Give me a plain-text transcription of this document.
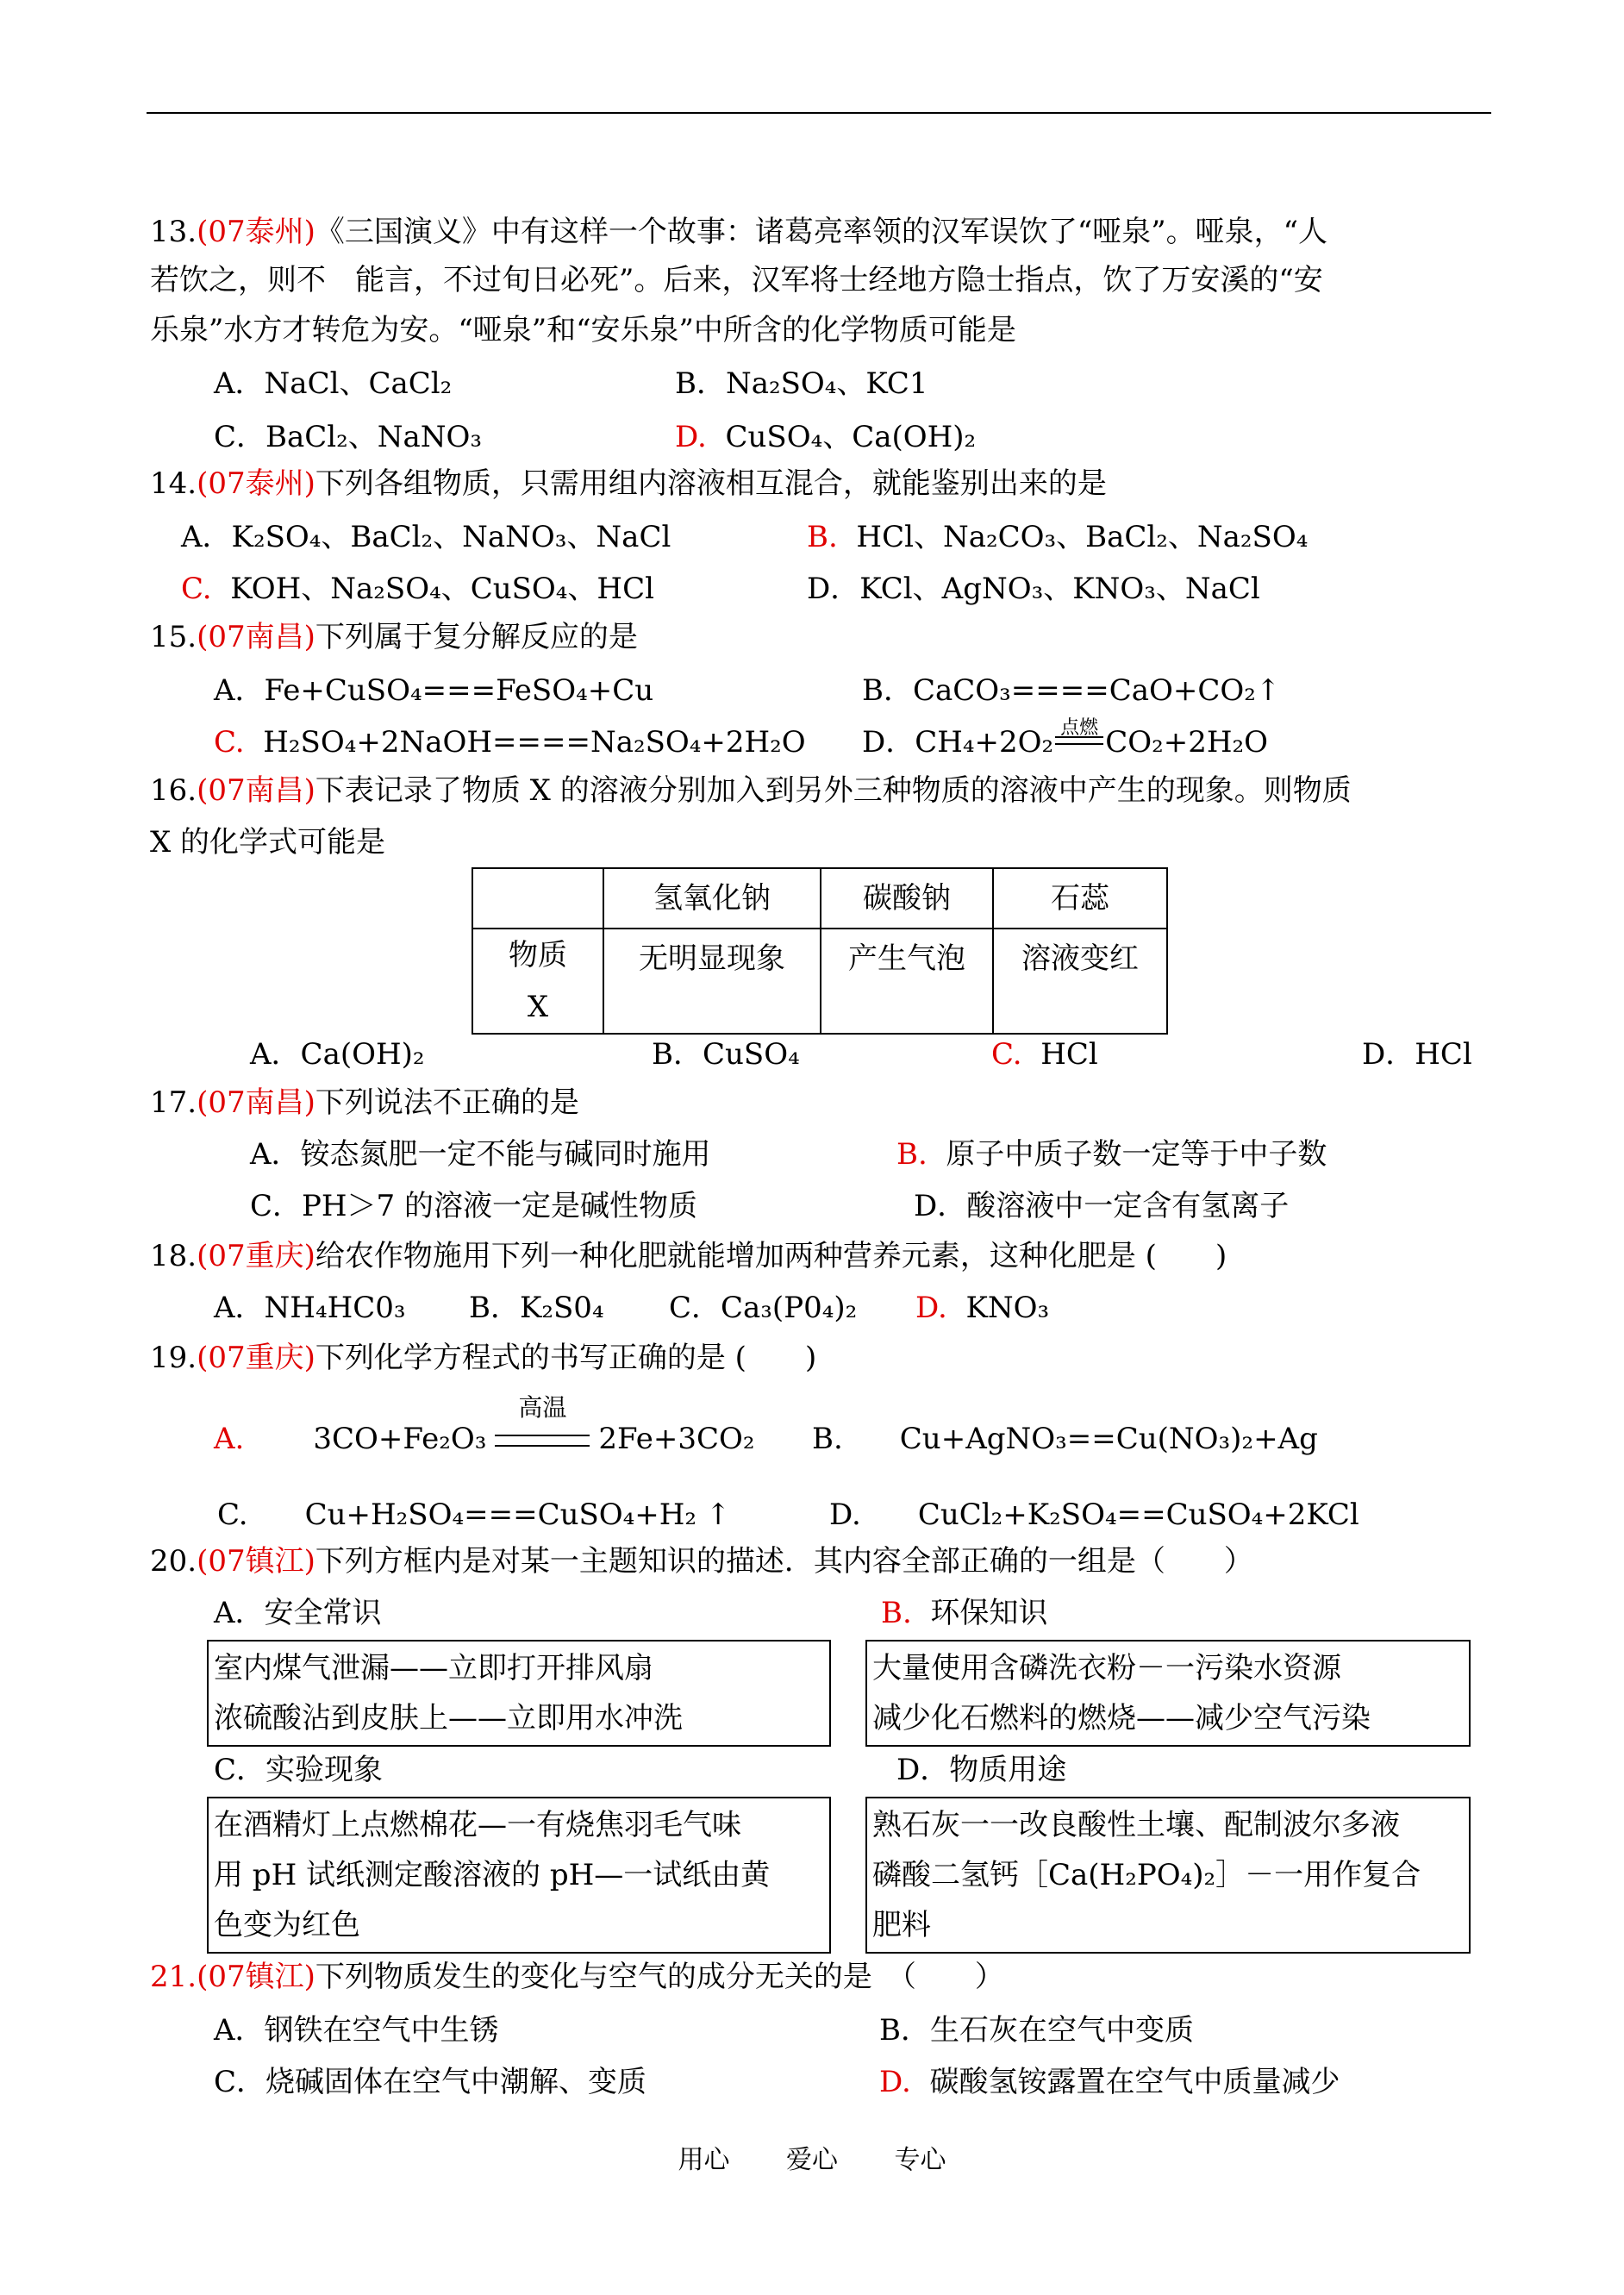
13.(07泰州)《三国演义》中有这样一个故事：诸葛亮率领的汉军误饮了“哑泉”。哑泉，“人
若饮之，则不　能言，不过旬日必死”。后来，汉军将士经地方隐士指点，饮了万安溪的“安
乐泉”水方才转危为安。“哑泉”和“安乐泉”中所含的化学物质可能是
A．NaCl、CaCl₂	B．Na₂SO₄、KC1
C．BaCl₂、NaNO₃	D. CuSO₄、Ca(OH)₂
14.(07泰州)下列各组物质，只需用组内溶液相互混合，就能鉴别出来的是
A．K₂SO₄、BaCl₂、NaNO₃、NaCl	B. HCl、Na₂CO₃、BaCl₂、Na₂SO₄
C. KOH、Na₂SO₄、CuSO₄、HCl	D．KCl、AgNO₃、KNO₃、NaCl
15.(07南昌)下列属于复分解反应的是
A．Fe+CuSO₄===FeSO₄+Cu	B．CaCO₃====CaO+CO₂↑
C. H₂SO₄+2NaOH====Na₂SO₄+2H₂O D．CH₄+2O₂ 点燃 CO₂+2H₂O
16.(07南昌)下表记录了物质 X 的溶液分别加入到另外三种物质的溶液中产生的现象。则物质
X 的化学式可能是
	氢氧化钠	碳酸钠	石蕊
物质X	无明显现象	产生气泡	溶液变红
A．Ca(OH)₂	B．CuSO₄	C. HCl	D．HCl
17.(07南昌)下列说法不正确的是
A．铵态氮肥一定不能与碱同时施用	B. 原子中质子数一定等于中子数
C．PH＞7 的溶液一定是碱性物质	D．酸溶液中一定含有氢离子
18.(07重庆)给农作物施用下列一种化肥就能增加两种营养元素，这种化肥是 (　　)
A．NH₄HC0₃ B．K₂S0₄ C．Ca₃(P0₄)₂ D. KNO₃
19.(07重庆)下列化学方程式的书写正确的是 (　　)
A. 3CO+Fe₂O₃
高温
2Fe+3CO₂ B. Cu+AgNO₃==Cu(NO₃)₂+Ag
C. Cu+H₂SO₄===CuSO₄+H₂ ↑	D. CuCl₂+K₂SO₄==CuSO₄+2KCl
20.(07镇江)下列方框内是对某一主题知识的描述．其内容全部正确的一组是（　　）
A．安全常识	B. 环保知识
室内煤气泄漏——立即打开排风扇
浓硫酸沾到皮肤上——立即用水冲洗
大量使用含磷洗衣粉－一污染水资源
减少化石燃料的燃烧——减少空气污染
C．实验现象	D．物质用途
在酒精灯上点燃棉花—一有烧焦羽毛气味
用 pH 试纸测定酸溶液的 pH—一试纸由黄
色变为红色
熟石灰一一改良酸性土壤、配制波尔多液
磷酸二氢钙［Ca(H₂PO₄)₂］－一用作复合
肥料
21.(07镇江)下列物质发生的变化与空气的成分无关的是　（　　）
A．钢铁在空气中生锈	B．生石灰在空气中变质
C．烧碱固体在空气中潮解、变质	D. 碳酸氢铵露置在空气中质量减少
用心 爱心 专心
